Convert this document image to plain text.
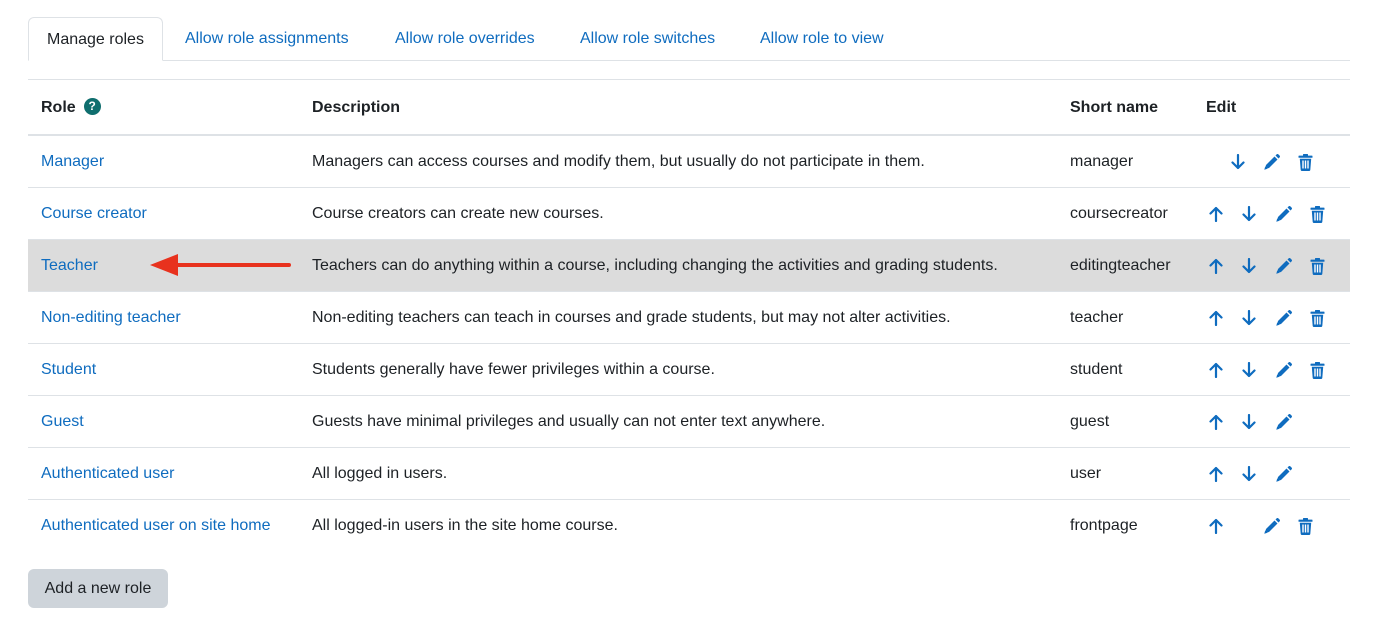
Manage roles	Allow role assignments	Allow role overrides	Allow role switches	Allow role to view
Role ?	Description	Short name	Edit
Manager	Managers can access courses and modify them, but usually do not participate in them.	manager
Course creator	Course creators can create new courses.	coursecreator
Teacher	Teachers can do anything within a course, including changing the activities and grading students.	editingteacher
Non-editing teacher	Non-editing teachers can teach in courses and grade students, but may not alter activities.	teacher
Student	Students generally have fewer privileges within a course.	student
Guest	Guests have minimal privileges and usually can not enter text anywhere.	guest
Authenticated user	All logged in users.	user
Authenticated user on site home	All logged-in users in the site home course.	frontpage
Add a new role
